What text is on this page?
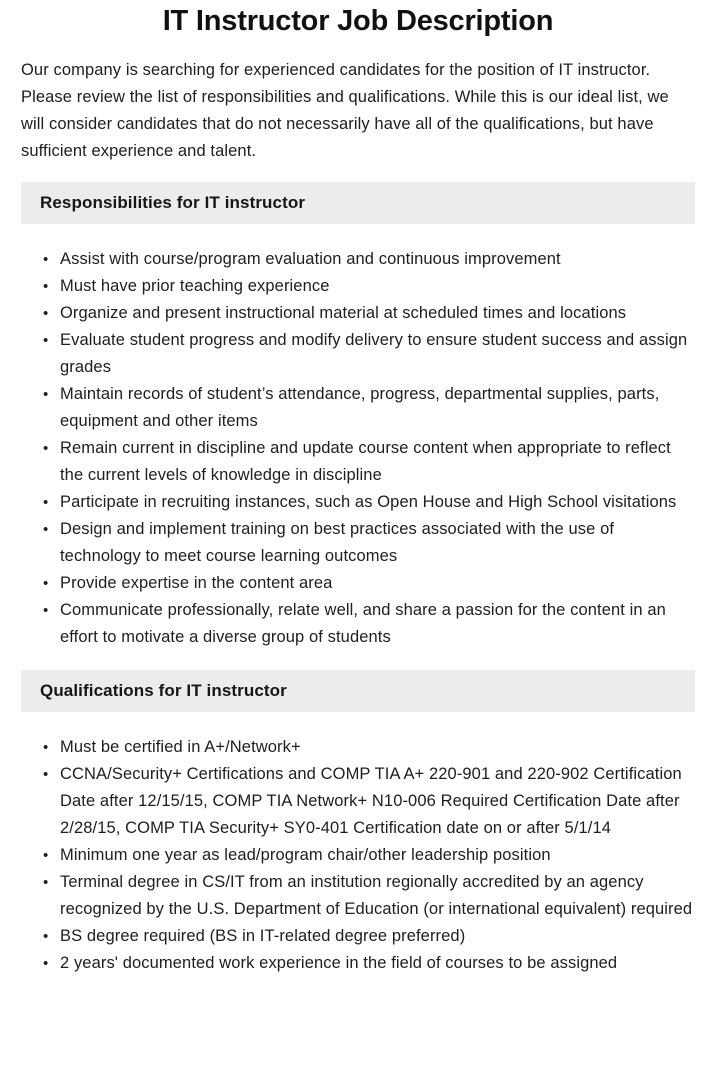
IT Instructor Job Description

Our company is searching for experienced candidates for the position of IT instructor. Please review the list of responsibilities and qualifications. While this is our ideal list, we will consider candidates that do not necessarily have all of the qualifications, but have sufficient experience and talent.

Responsibilities for IT instructor
• Assist with course/program evaluation and continuous improvement
• Must have prior teaching experience
• Organize and present instructional material at scheduled times and locations
• Evaluate student progress and modify delivery to ensure student success and assign grades
• Maintain records of student’s attendance, progress, departmental supplies, parts, equipment and other items
• Remain current in discipline and update course content when appropriate to reflect the current levels of knowledge in discipline
• Participate in recruiting instances, such as Open House and High School visitations
• Design and implement training on best practices associated with the use of technology to meet course learning outcomes
• Provide expertise in the content area
• Communicate professionally, relate well, and share a passion for the content in an effort to motivate a diverse group of students
Qualifications for IT instructor
• Must be certified in A+/Network+
• CCNA/Security+ Certifications and COMP TIA A+ 220-901 and 220-902 Certification Date after 12/15/15, COMP TIA Network+ N10-006 Required Certification Date after 2/28/15, COMP TIA Security+ SY0-401 Certification date on or after 5/1/14
• Minimum one year as lead/program chair/other leadership position
• Terminal degree in CS/IT from an institution regionally accredited by an agency recognized by the U.S. Department of Education (or international equivalent) required
• BS degree required (BS in IT-related degree preferred)
• 2 years' documented work experience in the field of courses to be assigned
